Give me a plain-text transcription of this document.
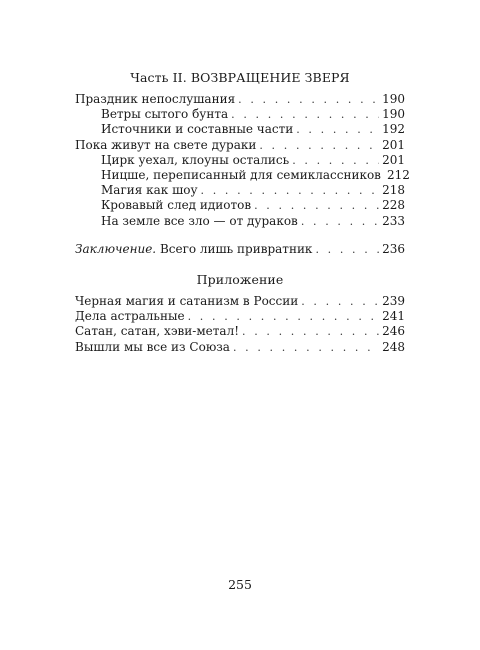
Часть II. ВОЗВРАЩЕНИЕ ЗВЕРЯ
Праздник непослушания . . .	190
Ветры сытого бунта . . .	190
Источники и составные части . . .	192
Пока живут на свете дураки . . .	201
Цирк уехал, клоуны остались . . .	201
Ницше, переписанный для семиклассников 212
Магия как шоу . . .	218
Кровавый след идиотов . . .	228
На земле все зло — от дураков . . .	233
Заключение. Всего лишь привратник . . .	236
Приложение
Черная магия и сатанизм в России . . .	239
Дела астральные . . .	241
Сатан, сатан, хэви-метал! . . .	246
Вышли мы все из Союза . . .	248
255
